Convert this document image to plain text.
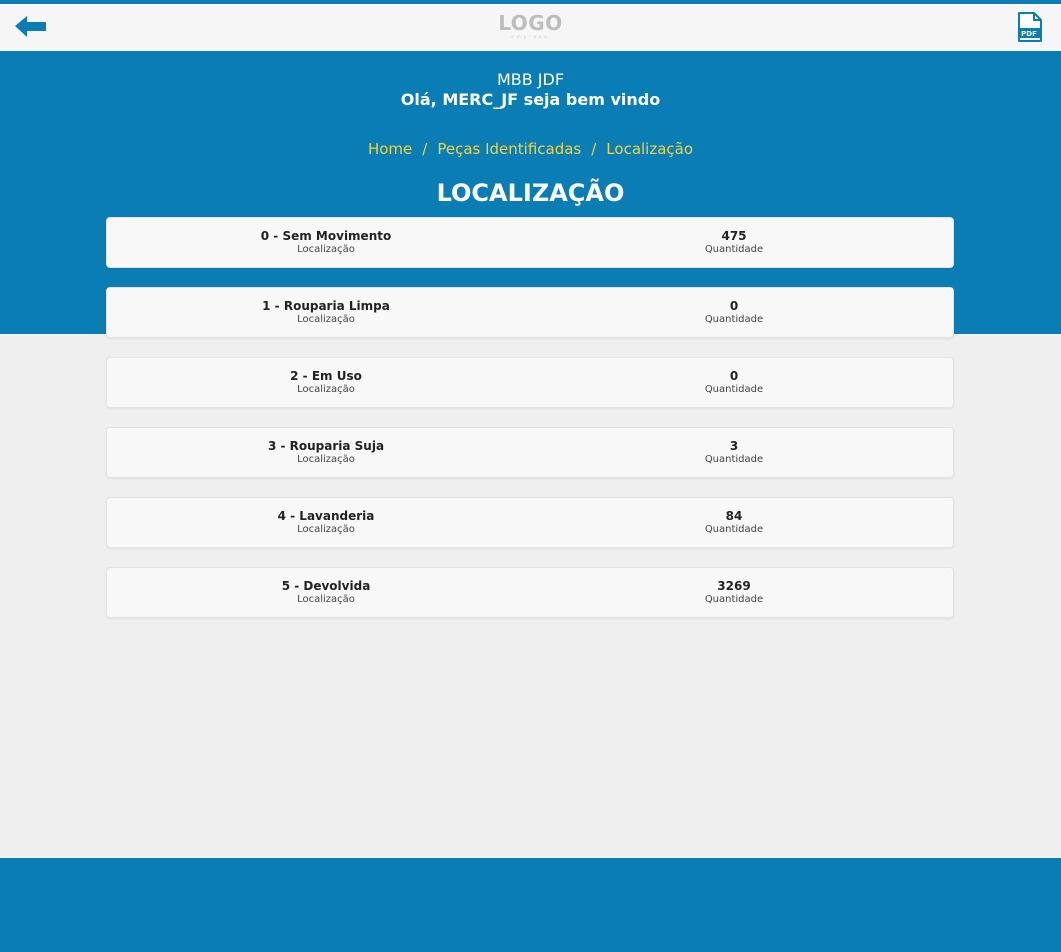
LOGO
empresa	PDF
MBB JDF
Olá, MERC_JF seja bem vindo
Home / Peças Identificadas / Localização
LOCALIZAÇÃO
0 - Sem Movimento
Localização
475
Quantidade
1 - Rouparia Limpa
Localização
0
Quantidade
2 - Em Uso
Localização
0
Quantidade
3 - Rouparia Suja
Localização
3
Quantidade
4 - Lavanderia
Localização
84
Quantidade
5 - Devolvida
Localização
3269
Quantidade
